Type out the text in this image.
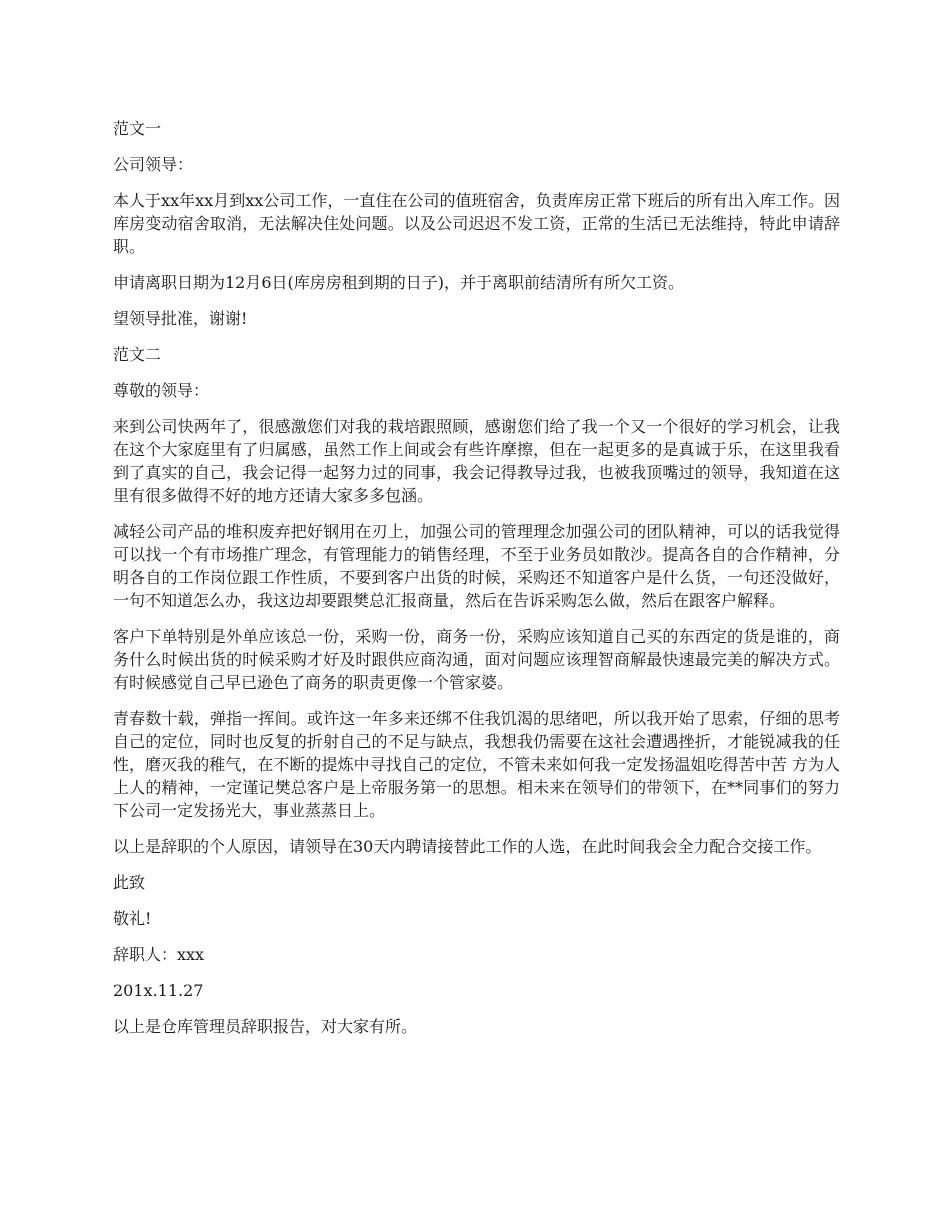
范文一

公司领导：

本人于xx年xx月到xx公司工作，一直住在公司的值班宿舍，负责库房正常下班后的所有出入库工作。因库房变动宿舍取消，无法解决住处问题。以及公司迟迟不发工资，正常的生活已无法维持，特此申请辞职。

申请离职日期为12月6日(库房房租到期的日子)，并于离职前结清所有所欠工资。

望领导批准，谢谢!

范文二

尊敬的领导：

来到公司快两年了，很感激您们对我的栽培跟照顾，感谢您们给了我一个又一个很好的学习机会，让我在这个大家庭里有了归属感，虽然工作上间或会有些许摩擦，但在一起更多的是真诚于乐，在这里我看到了真实的自己，我会记得一起努力过的同事，我会记得教导过我，也被我顶嘴过的领导，我知道在这里有很多做得不好的地方还请大家多多包涵。

减轻公司产品的堆积废弃把好钢用在刃上，加强公司的管理理念加强公司的团队精神，可以的话我觉得可以找一个有市场推广理念，有管理能力的销售经理，不至于业务员如散沙。提高各自的合作精神，分明各自的工作岗位跟工作性质，不要到客户出货的时候，采购还不知道客户是什么货，一句还没做好，一句不知道怎么办，我这边却要跟樊总汇报商量，然后在告诉采购怎么做，然后在跟客户解释。

客户下单特别是外单应该总一份，采购一份，商务一份，采购应该知道自己买的东西定的货是谁的，商务什么时候出货的时候采购才好及时跟供应商沟通，面对问题应该理智商解最快速最完美的解决方式。有时候感觉自己早已逊色了商务的职责更像一个管家婆。

青春数十载，弹指一挥间。或许这一年多来还绑不住我饥渴的思绪吧，所以我开始了思索，仔细的思考自己的定位，同时也反复的折射自己的不足与缺点，我想我仍需要在这社会遭遇挫折，才能锐减我的任性，磨灭我的稚气，在不断的提炼中寻找自己的定位，不管未来如何我一定发扬温姐吃得苦中苦 方为人上人的精神，一定谨记樊总客户是上帝服务第一的思想。相未来在领导们的带领下，在**同事们的努力下公司一定发扬光大，事业蒸蒸日上。

以上是辞职的个人原因，请领导在30天内聘请接替此工作的人选，在此时间我会全力配合交接工作。

此致

敬礼!

辞职人：xxx

201x.11.27

以上是仓库管理员辞职报告，对大家有所。
